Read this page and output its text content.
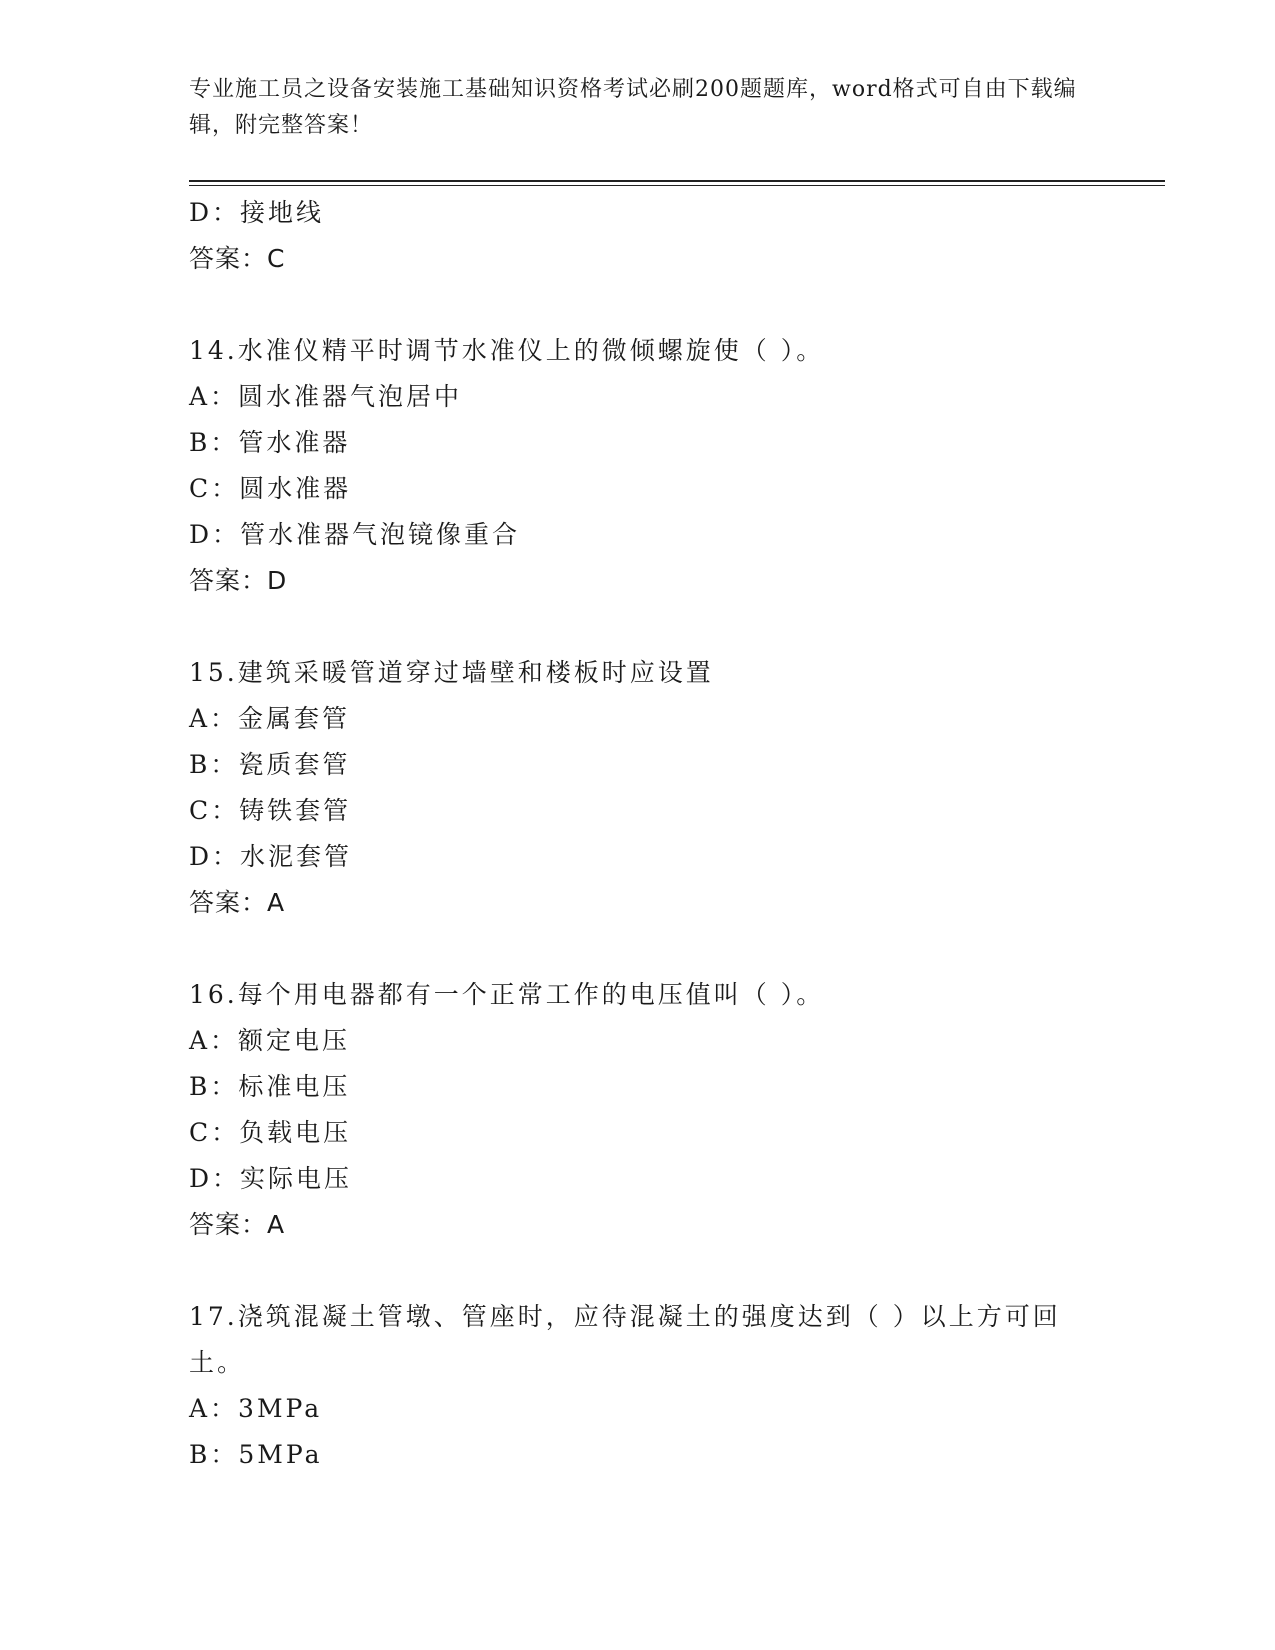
专业施工员之设备安装施工基础知识资格考试必刷200题题库，word格式可自由下载编辑，附完整答案！
D：接地线
答案：C
14.水准仪精平时调节水准仪上的微倾螺旋使（ ）。
A：圆水准器气泡居中
B：管水准器
C：圆水准器
D：管水准器气泡镜像重合
答案：D
15.建筑采暖管道穿过墙壁和楼板时应设置
A：金属套管
B：瓷质套管
C：铸铁套管
D：水泥套管
答案：A
16.每个用电器都有一个正常工作的电压值叫（ ）。
A：额定电压
B：标准电压
C：负载电压
D：实际电压
答案：A
17.浇筑混凝土管墩、管座时，应待混凝土的强度达到（ ）以上方可回土。
A：3MPa
B：5MPa
